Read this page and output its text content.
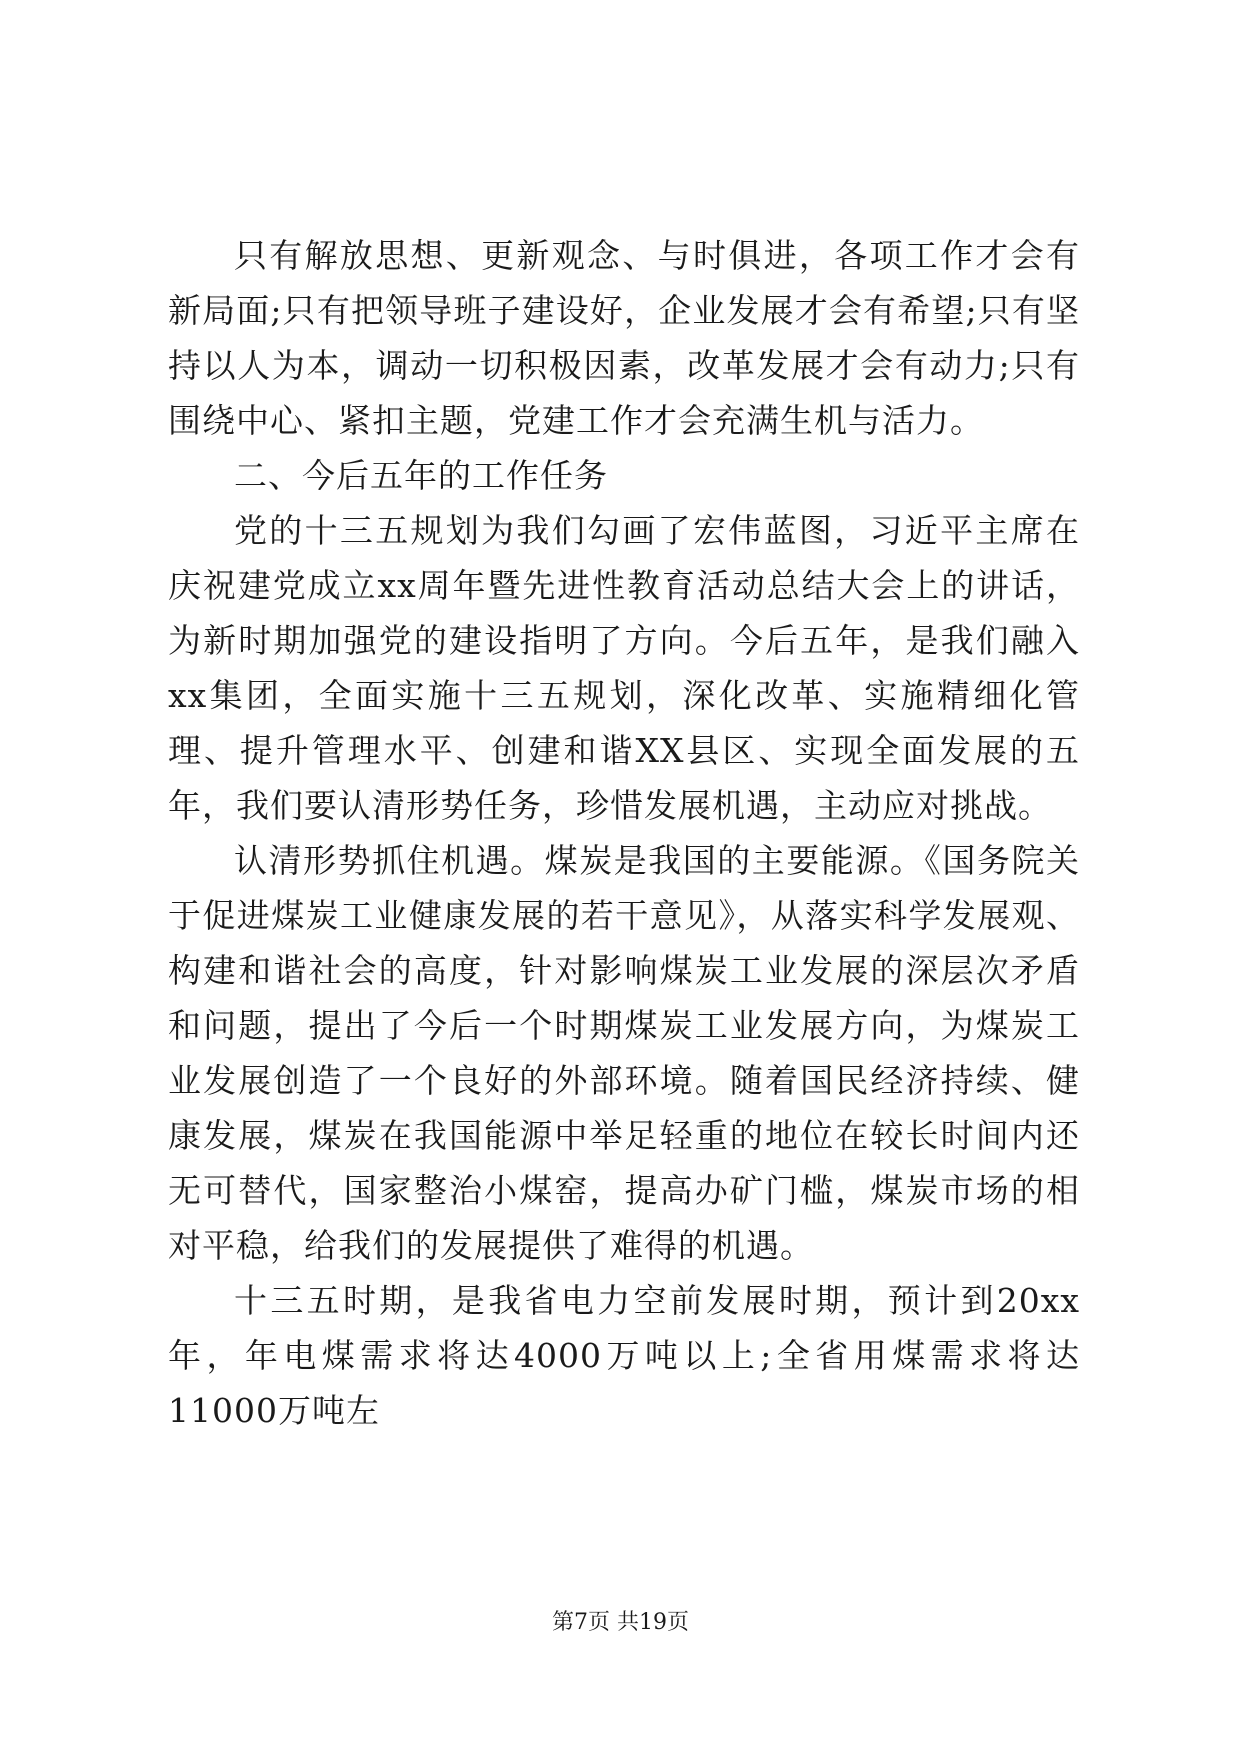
只有解放思想、更新观念、与时俱进，各项工作才会有新局面;只有把领导班子建设好，企业发展才会有希望;只有坚持以人为本，调动一切积极因素，改革发展才会有动力;只有围绕中心、紧扣主题，党建工作才会充满生机与活力。

二、今后五年的工作任务

党的十三五规划为我们勾画了宏伟蓝图，习近平主席在庆祝建党成立xx周年暨先进性教育活动总结大会上的讲话，为新时期加强党的建设指明了方向。今后五年，是我们融入xx集团，全面实施十三五规划，深化改革、实施精细化管理、提升管理水平、创建和谐XX县区、实现全面发展的五年，我们要认清形势任务，珍惜发展机遇，主动应对挑战。

认清形势抓住机遇。煤炭是我国的主要能源。《国务院关于促进煤炭工业健康发展的若干意见》，从落实科学发展观、构建和谐社会的高度，针对影响煤炭工业发展的深层次矛盾和问题，提出了今后一个时期煤炭工业发展方向，为煤炭工业发展创造了一个良好的外部环境。随着国民经济持续、健康发展，煤炭在我国能源中举足轻重的地位在较长时间内还无可替代，国家整治小煤窑，提高办矿门槛，煤炭市场的相对平稳，给我们的发展提供了难得的机遇。

十三五时期，是我省电力空前发展时期，预计到20xx年，年电煤需求将达4000万吨以上;全省用煤需求将达11000万吨左

第7页 共19页
